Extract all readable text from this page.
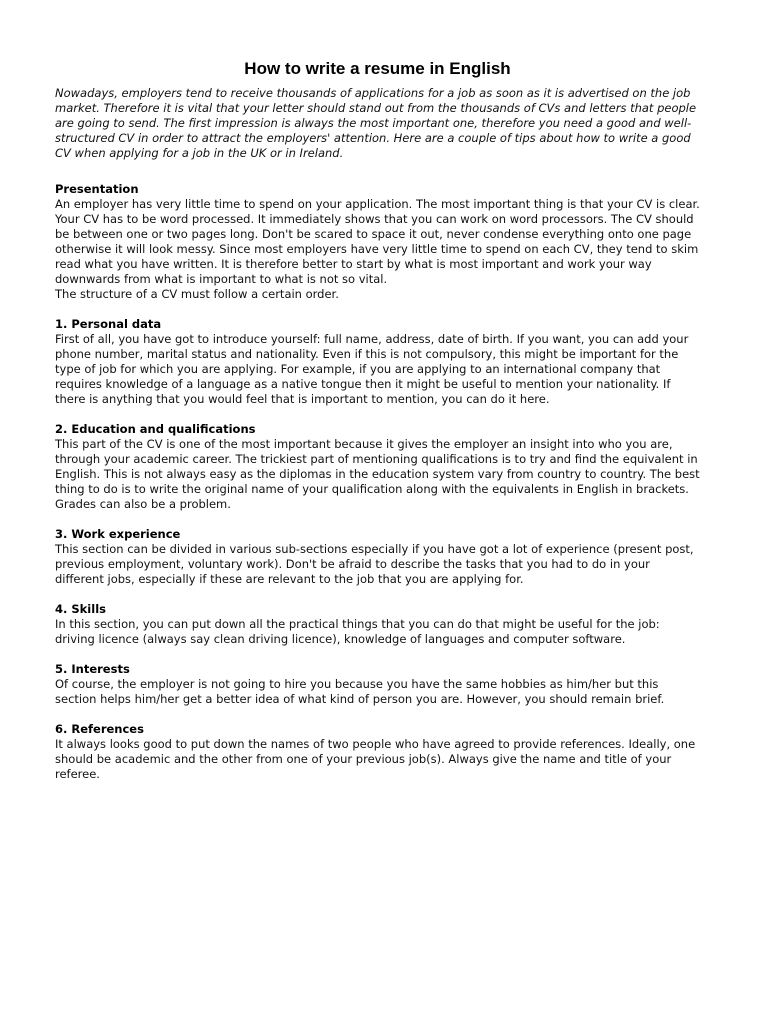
How to write a resume in English

Nowadays, employers tend to receive thousands of applications for a job as soon as it is advertised on the job market. Therefore it is vital that your letter should stand out from the thousands of CVs and letters that people are going to send. The first impression is always the most important one, therefore you need a good and well- structured CV in order to attract the employers' attention. Here are a couple of tips about how to write a good CV when applying for a job in the UK or in Ireland.

Presentation

An employer has very little time to spend on your application. The most important thing is that your CV is clear. Your CV has to be word processed. It immediately shows that you can work on word processors. The CV should be between one or two pages long. Don't be scared to space it out, never condense everything onto one page otherwise it will look messy. Since most employers have very little time to spend on each CV, they tend to skim read what you have written. It is therefore better to start by what is most important and work your way downwards from what is important to what is not so vital.

The structure of a CV must follow a certain order.

1. Personal data

First of all, you have got to introduce yourself: full name, address, date of birth. If you want, you can add your phone number, marital status and nationality. Even if this is not compulsory, this might be important for the type of job for which you are applying. For example, if you are applying to an international company that requires knowledge of a language as a native tongue then it might be useful to mention your nationality. If there is anything that you would feel that is important to mention, you can do it here.

2. Education and qualifications

This part of the CV is one of the most important because it gives the employer an insight into who you are, through your academic career. The trickiest part of mentioning qualifications is to try and find the equivalent in English. This is not always easy as the diplomas in the education system vary from country to country. The best thing to do is to write the original name of your qualification along with the equivalents in English in brackets. Grades can also be a problem.

3. Work experience

This section can be divided in various sub-sections especially if you have got a lot of experience (present post, previous employment, voluntary work). Don't be afraid to describe the tasks that you had to do in your different jobs, especially if these are relevant to the job that you are applying for.

4. Skills

In this section, you can put down all the practical things that you can do that might be useful for the job: driving licence (always say clean driving licence), knowledge of languages and computer software.

5. Interests

Of course, the employer is not going to hire you because you have the same hobbies as him/her but this section helps him/her get a better idea of what kind of person you are. However, you should remain brief.

6. References

It always looks good to put down the names of two people who have agreed to provide references. Ideally, one should be academic and the other from one of your previous job(s). Always give the name and title of your referee.
